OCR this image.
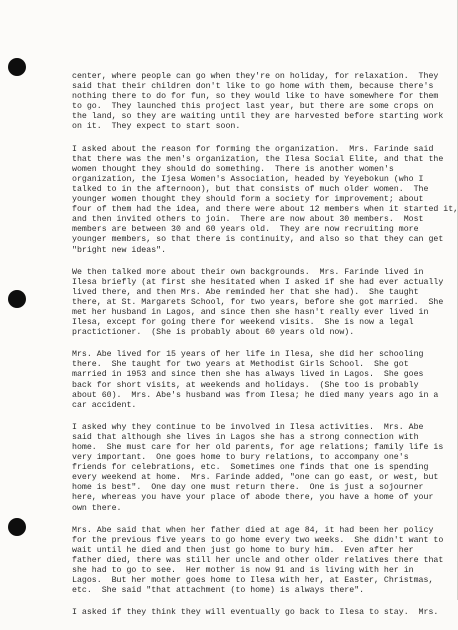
center, where people can go when they're on holiday, for relaxation.  They
said that their children don't like to go home with them, because there's
nothing there to do for fun, so they would like to have somewhere for them
to go.  They launched this project last year, but there are some crops on
the land, so they are waiting until they are harvested before starting work
on it.  They expect to start soon.
I asked about the reason for forming the organization.  Mrs. Farinde said
that there was the men's organization, the Ilesa Social Elite, and that the
women thought they should do something.  There is another women's
organization, the Ijesa Women's Association, headed by Yeyebokun (who I
talked to in the afternoon), but that consists of much older women.  The
younger women thought they should form a society for improvement; about
four of them had the idea, and there were about 12 members when it started it,
and then invited others to join.  There are now about 30 members.  Most
members are between 30 and 60 years old.  They are now recruiting more
younger members, so that there is continuity, and also so that they can get
"bright new ideas".
We then talked more about their own backgrounds.  Mrs. Farinde lived in
Ilesa briefly (at first she hesitated when I asked if she had ever actually
lived there, and then Mrs. Abe reminded her that she had).  She taught
there, at St. Margarets School, for two years, before she got married.  She
met her husband in Lagos, and since then she hasn't really ever lived in
Ilesa, except for going there for weekend visits.  She is now a legal
practictioner.  (She is probably about 60 years old now).
Mrs. Abe lived for 15 years of her life in Ilesa, she did her schooling
there.  She taught for two years at Methodist Girls School.  She got
married in 1953 and since then she has always lived in Lagos.  She goes
back for short visits, at weekends and holidays.  (She too is probably
about 60).  Mrs. Abe's husband was from Ilesa; he died many years ago in a
car accident.
I asked why they continue to be involved in Ilesa activities.  Mrs. Abe
said that although she lives in Lagos she has a strong connection with
home.  She must care for her old parents, for age relations; family life is
very important.  One goes home to bury relations, to accompany one's
friends for celebrations, etc.  Sometimes one finds that one is spending
every weekend at home.  Mrs. Farinde added, "one can go east, or west, but
home is best".  One day one must return there.  One is just a sojourner
here, whereas you have your place of abode there, you have a home of your
own there.
Mrs. Abe said that when her father died at age 84, it had been her policy
for the previous five years to go home every two weeks.  She didn't want to
wait until he died and then just go home to bury him.  Even after her
father died, there was still her uncle and other older relatives there that
she had to go to see.  Her mother is now 91 and is living with her in
Lagos.  But her mother goes home to Ilesa with her, at Easter, Christmas,
etc.  She said "that attachment (to home) is always there".
I asked if they think they will eventually go back to Ilesa to stay.  Mrs.
